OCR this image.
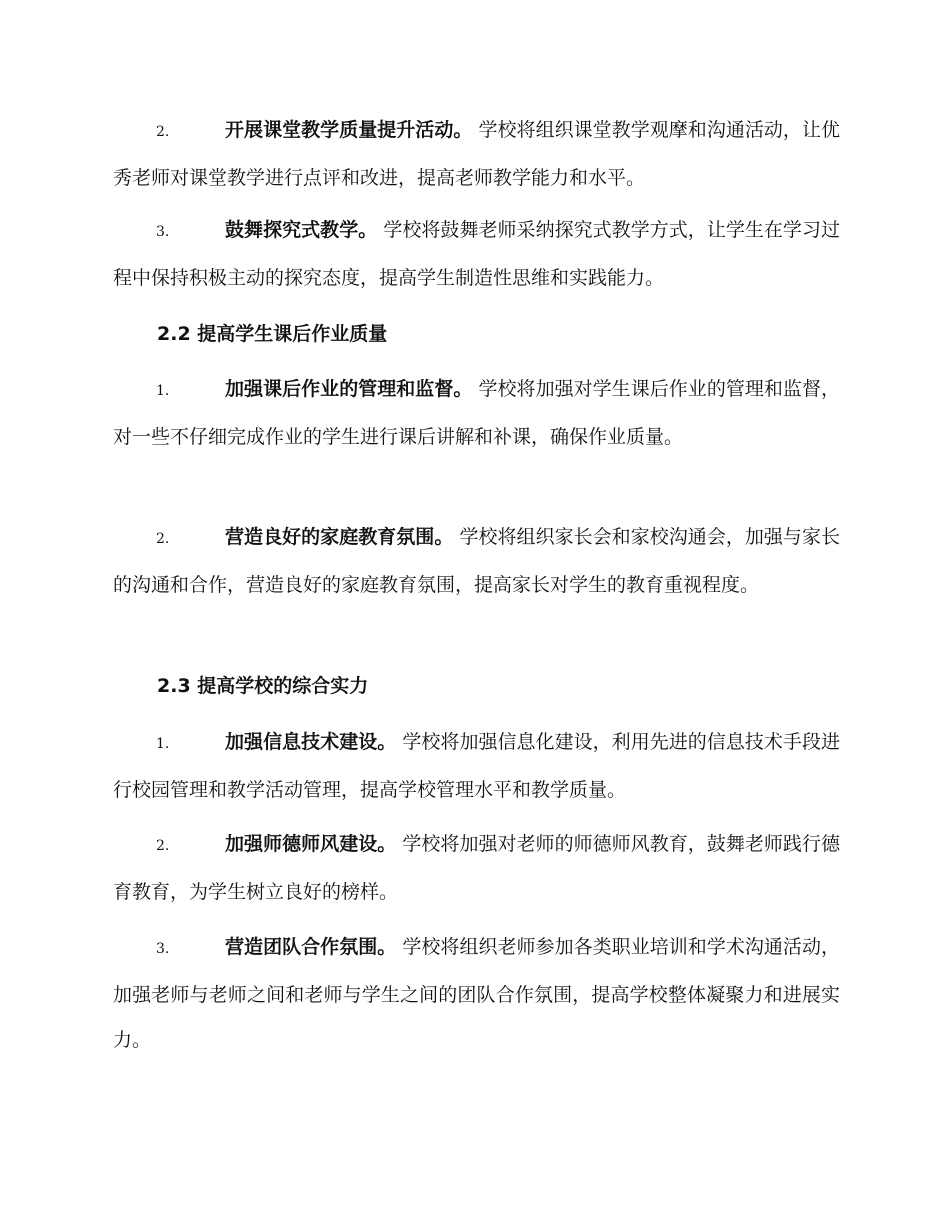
2.	开展课堂教学质量提升活动。 学校将组织课堂教学观摩和沟通活动，让优秀老师对课堂教学进行点评和改进，提高老师教学能力和水平。
3.	鼓舞探究式教学。 学校将鼓舞老师采纳探究式教学方式，让学生在学习过程中保持积极主动的探究态度，提高学生制造性思维和实践能力。
2.2 提高学生课后作业质量
1.	加强课后作业的管理和监督。 学校将加强对学生课后作业的管理和监督，对一些不仔细完成作业的学生进行课后讲解和补课，确保作业质量。
2.	营造良好的家庭教育氛围。 学校将组织家长会和家校沟通会，加强与家长的沟通和合作，营造良好的家庭教育氛围，提高家长对学生的教育重视程度。
2.3 提高学校的综合实力
1.	加强信息技术建设。 学校将加强信息化建设，利用先进的信息技术手段进行校园管理和教学活动管理，提高学校管理水平和教学质量。
2.	加强师德师风建设。 学校将加强对老师的师德师风教育，鼓舞老师践行德育教育，为学生树立良好的榜样。
3.	营造团队合作氛围。 学校将组织老师参加各类职业培训和学术沟通活动，加强老师与老师之间和老师与学生之间的团队合作氛围，提高学校整体凝聚力和进展实力。
